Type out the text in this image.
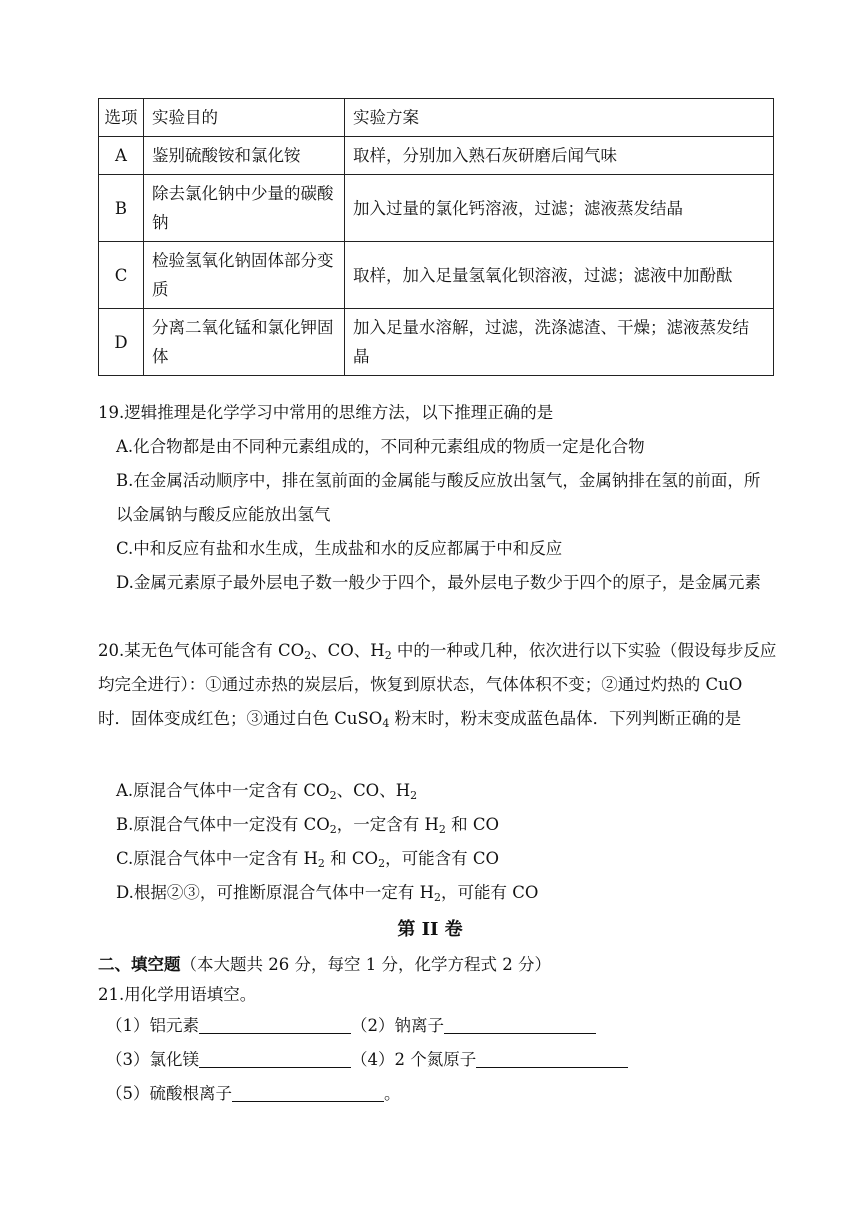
选项	实验目的	实验方案
A	鉴别硫酸铵和氯化铵	取样，分别加入熟石灰研磨后闻气味
B	除去氯化钠中少量的碳酸钠	加入过量的氯化钙溶液，过滤；滤液蒸发结晶
C	检验氢氧化钠固体部分变质	取样，加入足量氢氧化钡溶液，过滤；滤液中加酚酞
D	分离二氧化锰和氯化钾固体	加入足量水溶解，过滤，洗涤滤渣、干燥；滤液蒸发结晶
19.逻辑推理是化学学习中常用的思维方法，以下推理正确的是
A.化合物都是由不同种元素组成的，不同种元素组成的物质一定是化合物
B.在金属活动顺序中，排在氢前面的金属能与酸反应放出氢气，金属钠排在氢的前面，所以金属钠与酸反应能放出氢气
C.中和反应有盐和水生成，生成盐和水的反应都属于中和反应
D.金属元素原子最外层电子数一般少于四个，最外层电子数少于四个的原子，是金属元素
20.某无色气体可能含有 $CO_2$、CO、$H_2$ 中的一种或几种，依次进行以下实验（假设每步反应均完全进行）：①通过赤热的炭层后，恢复到原状态，气体体积不变；②通过灼热的 CuO 时．固体变成红色；③通过白色 CuSO$_4$ 粉末时，粉末变成蓝色晶体．下列判断正确的是
A.原混合气体中一定含有 $CO_2$、CO、$H_2$
B.原混合气体中一定没有 $CO_2$，一定含有 $H_2$ 和 CO
C.原混合气体中一定含有 $H_2$ 和 $CO_2$，可能含有 CO
D.根据②③，可推断原混合气体中一定有 $H_2$，可能有 CO
第 II 卷
二、填空题（本大题共 26 分，每空 1 分，化学方程式 2 分）
21.用化学用语填空。
（1）铝元素	（2）钠离子
（3）氯化镁	（4）2 个氮原子
（5）硫酸根离子	。
